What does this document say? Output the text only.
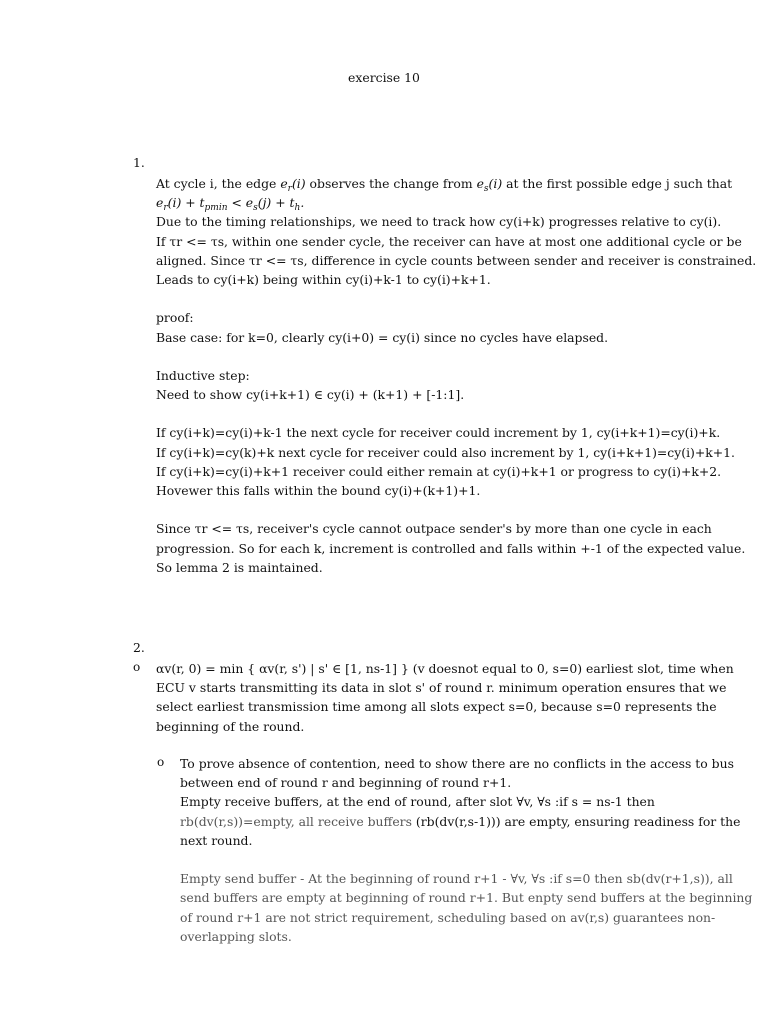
exercise 10
1.
At cycle i, the edge $e_r(i)$ observes the change from $e_s(i)$ at the first possible edge j such that
$e_r(i) + t_{pmin} < e_s(j) + t_h$.
Due to the timing relationships, we need to track how cy(i+k) progresses relative to cy(i).
If τr <= τs, within one sender cycle, the receiver can have at most one additional cycle or be
aligned. Since τr <= τs, difference in cycle counts between sender and receiver is constrained.
Leads to cy(i+k) being within cy(i)+k-1 to cy(i)+k+1.
proof:
Base case: for k=0, clearly cy(i+0) = cy(i) since no cycles have elapsed.
Inductive step:
Need to show cy(i+k+1) ∈ cy(i) + (k+1) + [-1:1].
If cy(i+k)=cy(i)+k-1 the next cycle for receiver could increment by 1, cy(i+k+1)=cy(i)+k.
If cy(i+k)=cy(k)+k next cycle for receiver could also increment by 1, cy(i+k+1)=cy(i)+k+1.
If cy(i+k)=cy(i)+k+1 receiver could either remain at cy(i)+k+1 or progress to cy(i)+k+2.
Hovewer this falls within the bound cy(i)+(k+1)+1.
Since τr <= τs, receiver's cycle cannot outpace sender's by more than one cycle in each
progression. So for each k, increment is controlled and falls within +-1 of the expected value.
So lemma 2 is maintained.
2.
o αv(r, 0) = min { αv(r, s') | s' ∈ [1, ns-1] } (v doesnot equal to 0, s=0) earliest slot, time when
ECU v starts transmitting its data in slot s' of round r. minimum operation ensures that we
select earliest transmission time among all slots expect s=0, because s=0 represents the
beginning of the round.
o To prove absence of contention, need to show there are no conflicts in the access to bus
between end of round r and beginning of round r+1.
Empty receive buffers, at the end of round, after slot ∀v, ∀s :if s = ns-1 then
rb(dv(r,s))=empty, all receive buffers (rb(dv(r,s-1))) are empty, ensuring readiness for the
next round.
Empty send buffer - At the beginning of round r+1 - ∀v, ∀s :if s=0 then sb(dv(r+1,s)), all
send buffers are empty at beginning of round r+1. But enpty send buffers at the beginning
of round r+1 are not strict requirement, scheduling based on av(r,s) guarantees non-
overlapping slots.
